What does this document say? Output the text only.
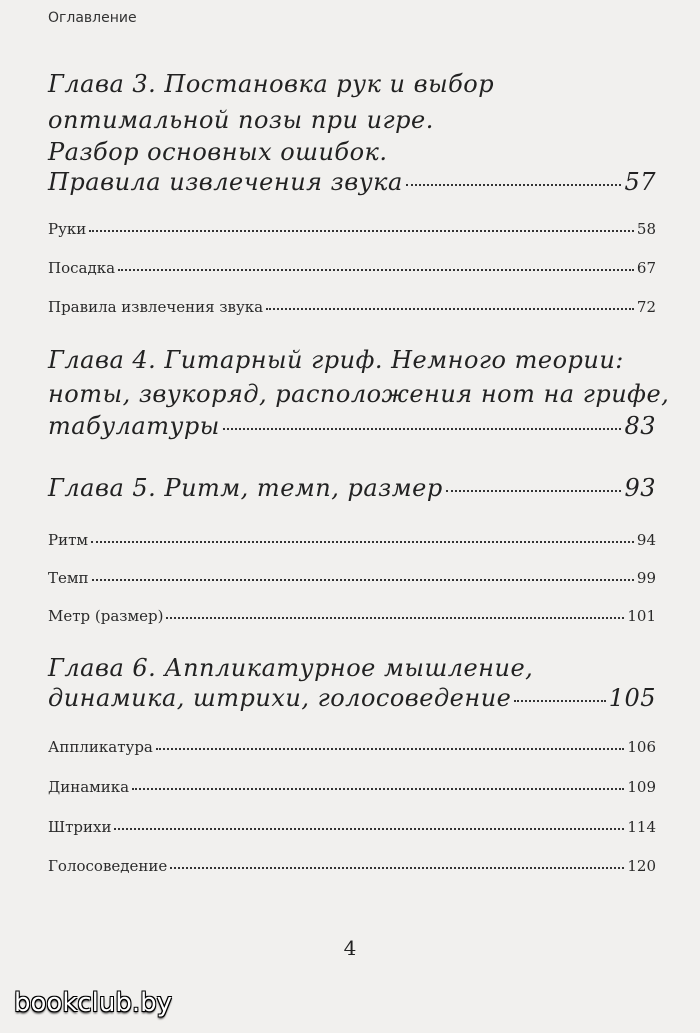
Оглавление
Глава 3. Постановка рук и выбор
оптимальной позы при игре.
Разбор основных ошибок.
Правила извлечения звука	57
Руки	58
Посадка	67
Правила извлечения звука	72
Глава 4. Гитарный гриф. Немного теории:
ноты, звукоряд, расположения нот на грифе,
табулатуры	83
Глава 5. Ритм, темп, размер	93
Ритм	94
Темп	99
Метр (размер)	101
Глава 6. Аппликатурное мышление,
динамика, штрихи, голосоведение	105
Аппликатура	106
Динамика	109
Штрихи	114
Голосоведение	120
4
bookclub.by
